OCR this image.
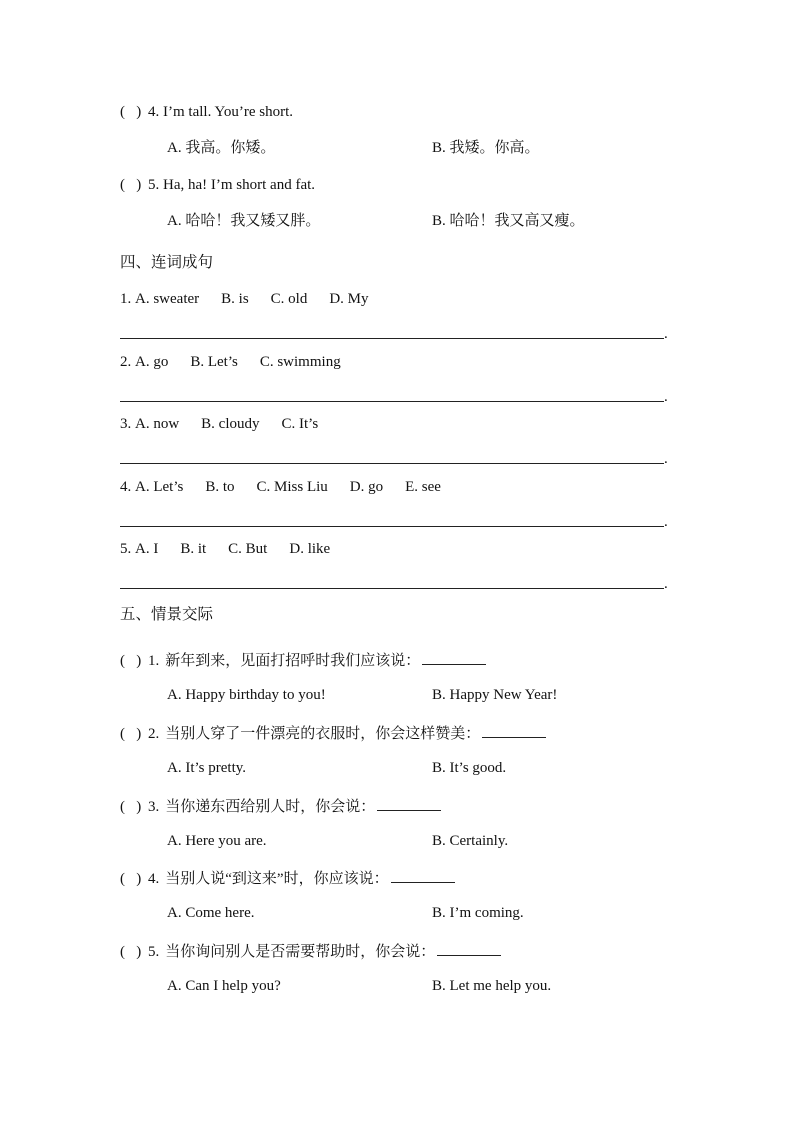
(   ) 4. I’m tall. You’re short.
A. 我高。你矮。	B. 我矮。你高。
(   ) 5. Ha, ha! I’m short and fat.
A. 哈哈！我又矮又胖。	B. 哈哈！我又高又瘦。
四、连词成句
1. A. sweater B. is C. old D. My
.
2. A. go B. Let’s C. swimming
.
3. A. now B. cloudy C. It’s
.
4. A. Let’s B. to C. Miss Liu D. go E. see
.
5. A. I B. it C. But D. like
.
五、情景交际
(   ) 1. 新年到来，见面打招呼时我们应该说：
A. Happy birthday to you!	B. Happy New Year!
(   ) 2. 当别人穿了一件漂亮的衣服时，你会这样赞美：
A. It’s pretty.	B. It’s good.
(   ) 3. 当你递东西给别人时，你会说：
A. Here you are.	B. Certainly.
(   ) 4. 当别人说“到这来”时，你应该说：
A. Come here.	B. I’m coming.
(   ) 5. 当你询问别人是否需要帮助时，你会说：
A. Can I help you?	B. Let me help you.
